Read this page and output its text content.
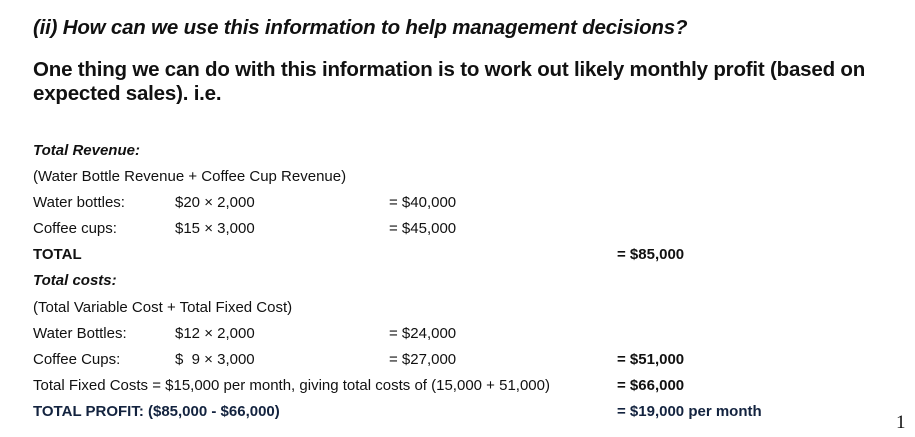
(ii) How can we use this information to help management decisions?
One thing we can do with this information is to work out likely monthly profit (based on expected sales). i.e.
Total Revenue:
(Water Bottle Revenue + Coffee Cup Revenue)
Water bottles:	$20 × 2,000	= $40,000
Coffee cups:	$15 × 3,000	= $45,000
TOTAL	= $85,000
Total costs:
(Total Variable Cost + Total Fixed Cost)
Water Bottles:	$12 × 2,000	= $24,000
Coffee Cups:	$  9 × 3,000	= $27,000	= $51,000
Total Fixed Costs = $15,000 per month, giving total costs of (15,000 + 51,000)	= $66,000
TOTAL PROFIT: ($85,000 - $66,000)	= $19,000 per month
1
